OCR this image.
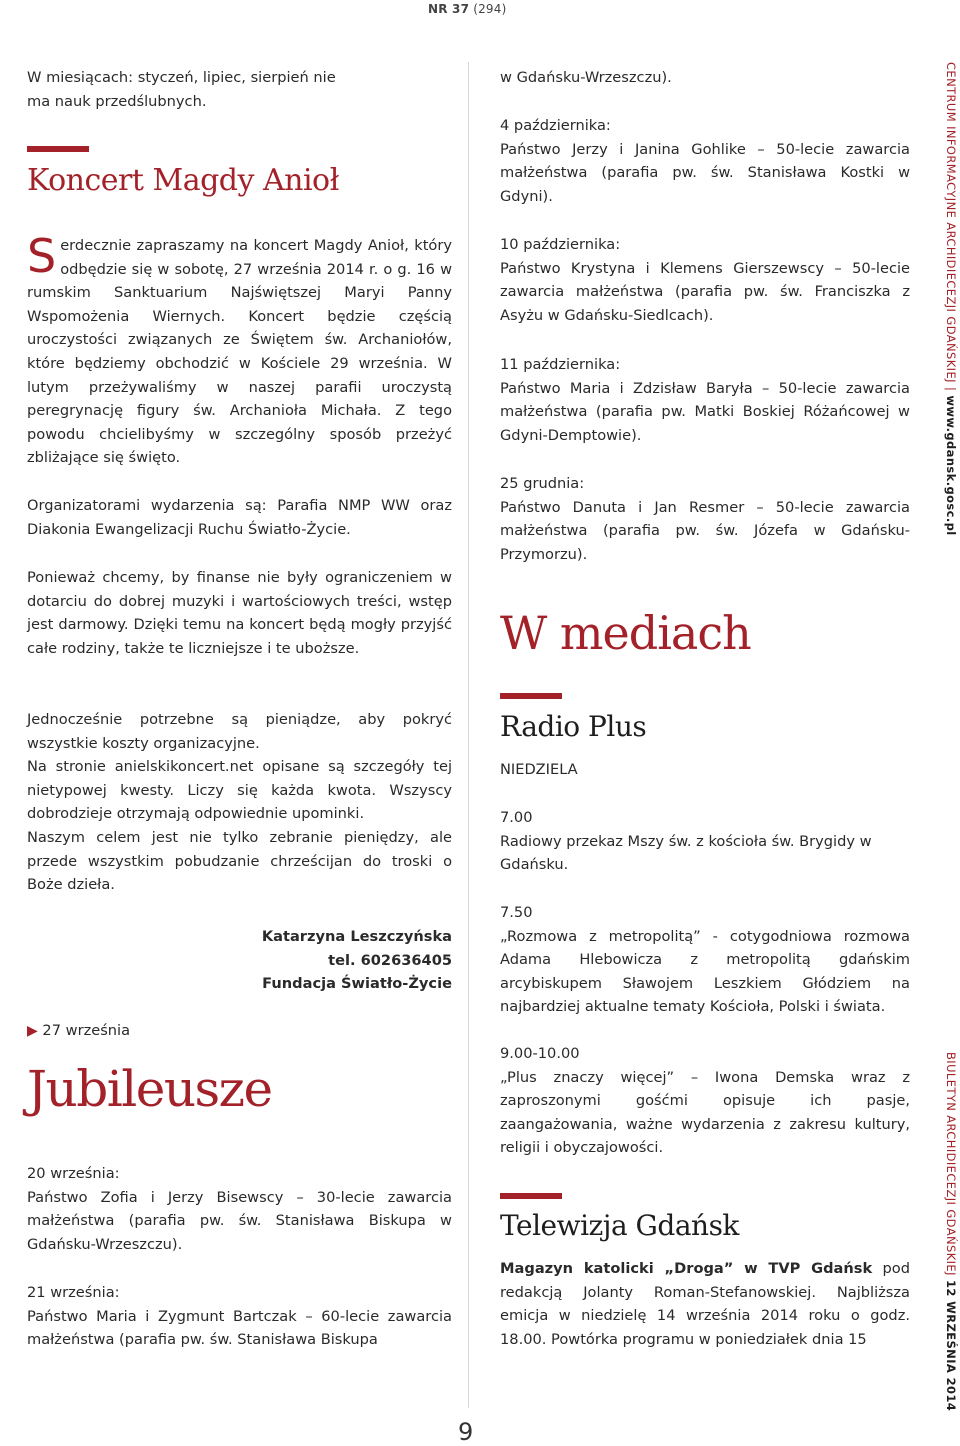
NR 37 (294)

W miesiącach: styczeń, lipiec, sierpień nie ma nauk przedślubnych.

Koncert Magdy Anioł

Serdecznie zapraszamy na koncert Magdy Anioł, który odbędzie się w sobotę, 27 września 2014 r. o g. 16 w rumskim Sanktuarium Najświętszej Maryi Panny Wspomożenia Wiernych. Koncert będzie częścią uroczystości związanych ze Świętem św. Archaniołów, które będziemy obchodzić w Kościele 29 września. W lutym przeżywaliśmy w naszej parafii uroczystą peregrynację figury św. Archanioła Michała. Z tego powodu chcielibyśmy w szczególny sposób przeżyć zbliżające się święto.

Organizatorami wydarzenia są: Parafia NMP WW oraz Diakonia Ewangelizacji Ruchu Światło-Życie.

Ponieważ chcemy, by finanse nie były ograniczeniem w dotarciu do dobrej muzyki i wartościowych treści, wstęp jest darmowy. Dzięki temu na koncert będą mogły przyjść całe rodziny, także te liczniejsze i te uboższe.

Jednocześnie potrzebne są pieniądze, aby pokryć wszystkie koszty organizacyjne.

Na stronie anielskikoncert.net opisane są szczegóły tej nietypowej kwesty. Liczy się każda kwota. Wszyscy dobrodzieje otrzymają odpowiednie upominki.

Naszym celem jest nie tylko zebranie pieniędzy, ale przede wszystkim pobudzanie chrześcijan do troski o Boże dzieła.

Katarzyna Leszczyńska

tel. 602636405

Fundacja Światło-Życie

▶ 27 września

Jubileusze

20 września:

Państwo Zofia i Jerzy Bisewscy – 30-lecie zawarcia małżeństwa (parafia pw. św. Stanisława Biskupa w Gdańsku-Wrzeszczu).

21 września:

Państwo Maria i Zygmunt Bartczak – 60-lecie zawarcia małżeństwa (parafia pw. św. Stanisława Biskupa

w Gdańsku-Wrzeszczu).

4 października:

Państwo Jerzy i Janina Gohlike – 50-lecie zawarcia małżeństwa (parafia pw. św. Stanisława Kostki w Gdyni).

10 października:

Państwo Krystyna i Klemens Gierszewscy – 50-lecie zawarcia małżeństwa (parafia pw. św. Franciszka z Asyżu w Gdańsku-Siedlcach).

11 października:

Państwo Maria i Zdzisław Baryła – 50-lecie zawarcia małżeństwa (parafia pw. Matki Boskiej Różańcowej w Gdyni-Demptowie).

25 grudnia:

Państwo Danuta i Jan Resmer – 50-lecie zawarcia małżeństwa (parafia pw. św. Józefa w Gdańsku-Przymorzu).

W mediach
Radio Plus

NIEDZIELA

7.00

Radiowy przekaz Mszy św. z kościoła św. Brygidy w Gdańsku.

7.50

„Rozmowa z metropolitą” - cotygodniowa rozmowa Adama Hlebowicza z metropolitą gdańskim arcybiskupem Sławojem Leszkiem Głódziem na najbardziej aktualne tematy Kościoła, Polski i świata.

9.00-10.00

„Plus znaczy więcej” – Iwona Demska wraz z zaproszonymi gośćmi opisuje ich pasje, zaangażowania, ważne wydarzenia z zakresu kultury, religii i obyczajowości.

Telewizja Gdańsk

Magazyn katolicki „Droga” w TVP Gdańsk pod redakcją Jolanty Roman-Stefanowskiej. Najbliższa emicja w niedzielę 14 września 2014 roku o godz. 18.00. Powtórka programu w poniedziałek dnia 15

CENTRUM INFORMACYJNE ARCHIDIECEZJI GDAŃSKIEJ | www.gdansk.gosc.pl
BIULETYN ARCHIDIECEZJI GDAŃSKIEJ 12 WRZEŚNIA 2014
9
